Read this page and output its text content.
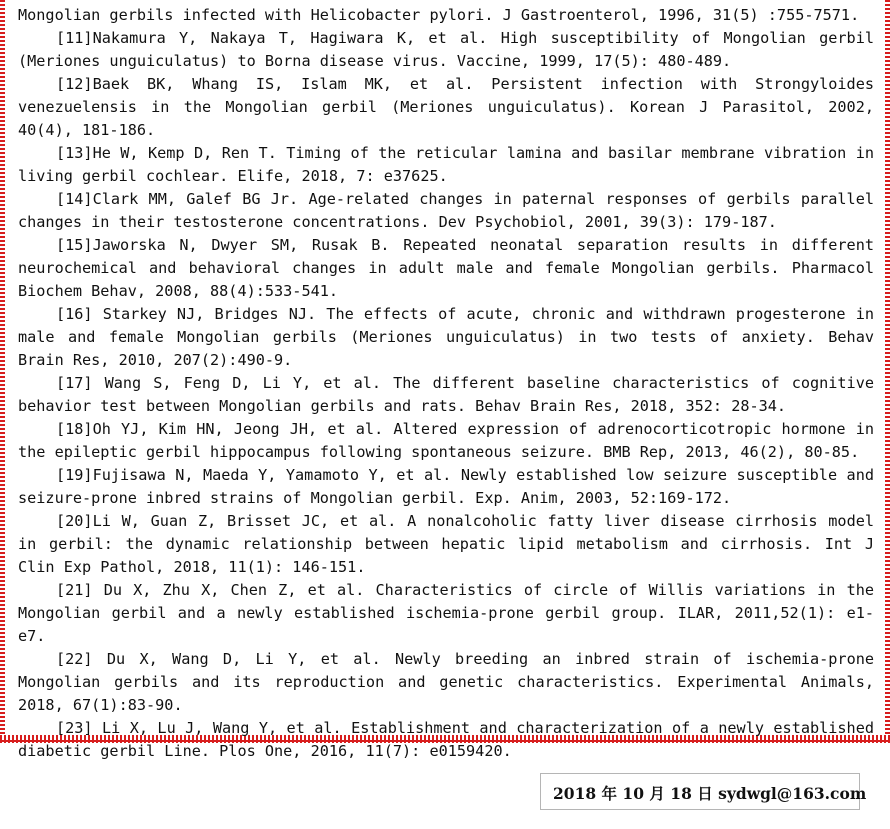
Mongolian gerbils infected with Helicobacter pylori. J Gastroenterol, 1996, 31(5) :755-7571.

[11]Nakamura Y, Nakaya T, Hagiwara K, et al. High susceptibility of Mongolian gerbil (Meriones unguiculatus) to Borna disease virus. Vaccine, 1999, 17(5): 480-489.

[12]Baek BK, Whang IS, Islam MK, et al. Persistent infection with Strongyloides venezuelensis in the Mongolian gerbil (Meriones unguiculatus). Korean J Parasitol, 2002, 40(4), 181-186.

[13]He W, Kemp D, Ren T. Timing of the reticular lamina and basilar membrane vibration in living gerbil cochlear. Elife, 2018, 7: e37625.

[14]Clark MM, Galef BG Jr. Age-related changes in paternal responses of gerbils parallel changes in their testosterone concentrations. Dev Psychobiol, 2001, 39(3): 179-187.

[15]Jaworska N, Dwyer SM, Rusak B. Repeated neonatal separation results in different neurochemical and behavioral changes in adult male and female Mongolian gerbils. Pharmacol Biochem Behav, 2008, 88(4):533-541.

[16] Starkey NJ, Bridges NJ. The effects of acute, chronic and withdrawn progesterone in male and female Mongolian gerbils (Meriones unguiculatus) in two tests of anxiety. Behav Brain Res, 2010, 207(2):490-9.

[17] Wang S, Feng D, Li Y, et al. The different baseline characteristics of cognitive behavior test between Mongolian gerbils and rats. Behav Brain Res, 2018, 352: 28-34.

[18]Oh YJ, Kim HN, Jeong JH, et al. Altered expression of adrenocorticotropic hormone in the epileptic gerbil hippocampus following spontaneous seizure. BMB Rep, 2013, 46(2), 80-85.

[19]Fujisawa N, Maeda Y, Yamamoto Y, et al. Newly established low seizure susceptible and seizure-prone inbred strains of Mongolian gerbil. Exp. Anim, 2003, 52:169-172.

[20]Li W, Guan Z, Brisset JC, et al. A nonalcoholic fatty liver disease cirrhosis model in gerbil: the dynamic relationship between hepatic lipid metabolism and cirrhosis. Int J Clin Exp Pathol, 2018, 11(1): 146-151.

[21] Du X, Zhu X, Chen Z, et al. Characteristics of circle of Willis variations in the Mongolian gerbil and a newly established ischemia-prone gerbil group. ILAR, 2011,52(1): e1-e7.

[22] Du X, Wang D, Li Y, et al. Newly breeding an inbred strain of ischemia-prone Mongolian gerbils and its reproduction and genetic characteristics. Experimental Animals, 2018, 67(1):83-90.

[23] Li X, Lu J, Wang Y, et al. Establishment and characterization of a newly established diabetic gerbil Line. Plos One, 2016, 11(7): e0159420.

2018 年 10 月 18 日 sydwgl@163.com
